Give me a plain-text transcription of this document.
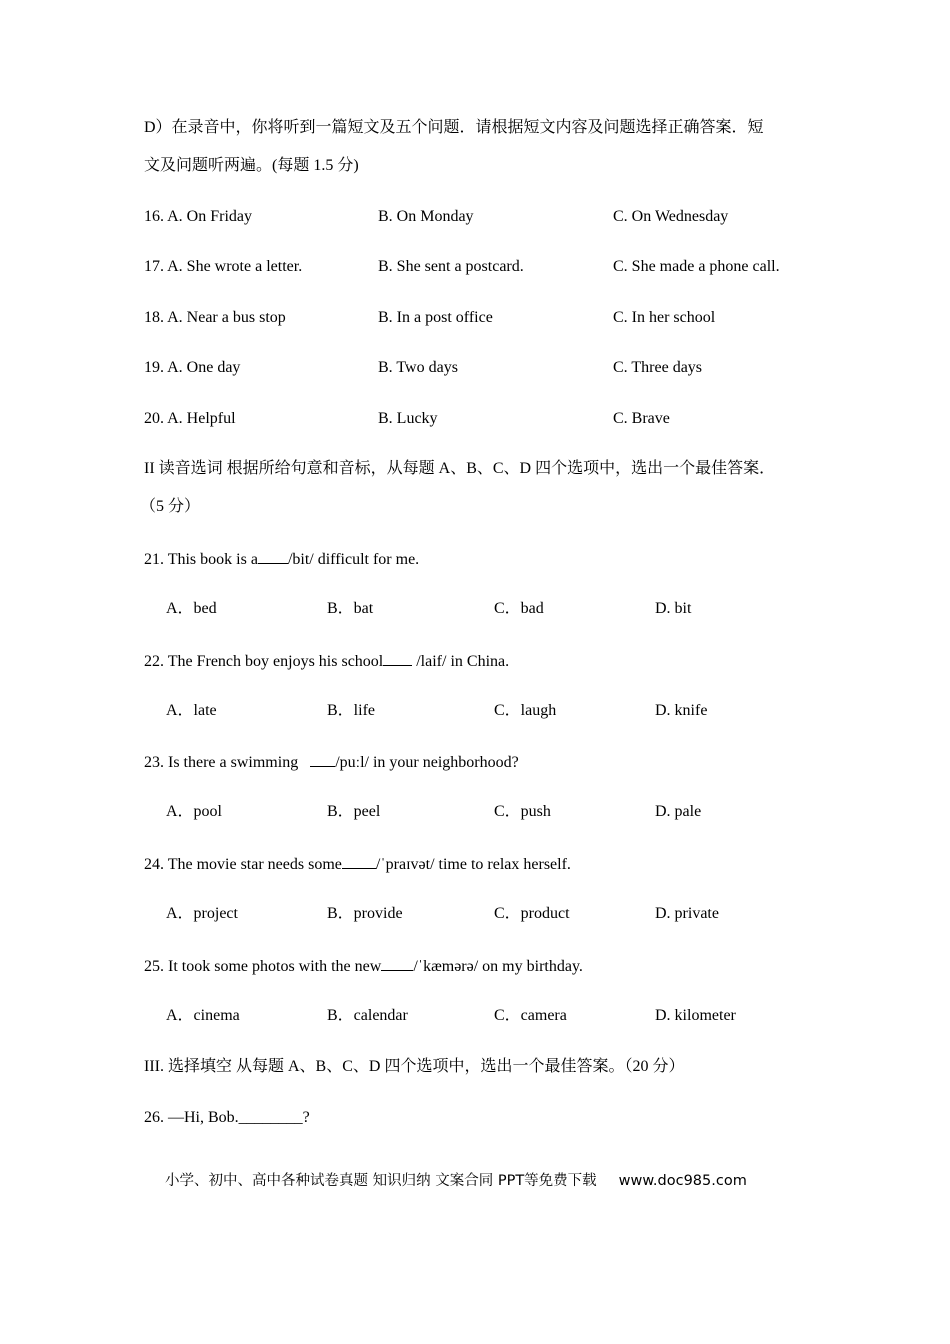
D）在录音中，你将听到一篇短文及五个问题．请根据短文内容及问题选择正确答案．短
文及问题听两遍。(每题 1.5 分)
16. A. On Friday	B. On Monday	C. On Wednesday
17. A. She wrote a letter.	B. She sent a postcard.	C. She made a phone call.
18. A. Near a bus stop	B. In a post office	C. In her school
19. A. One day	B. Two days	C. Three days
20. A. Helpful	B. Lucky	C. Brave
II 读音选词 根据所给句意和音标，从每题 A、B、C、D 四个选项中，选出一个最佳答案．
（5 分）
21. This book is a /bit/ difficult for me.
A．bed	B．bat	C．bad	D. bit
22. The French boy enjoys his school /laif/ in China.
A．late	B．life	C．laugh	D. knife
23. Is there a swimming  /puːl/ in your neighborhood?
A．pool	B．peel	C．push	D. pale
24. The movie star needs some /ˈpraɪvət/ time to relax herself.
A．project	B．provide	C．product	D. private
25. It took some photos with the new /ˈkæmərə/ on my birthday.
A．cinema	B．calendar	C．camera	D. kilometer
III. 选择填空 从每题 A、B、C、D 四个选项中，选出一个最佳答案。（20 分）
26. —Hi, Bob.________?
小学、初中、高中各种试卷真题 知识归纳 文案合同 PPT等免费下载 www.doc985.com
